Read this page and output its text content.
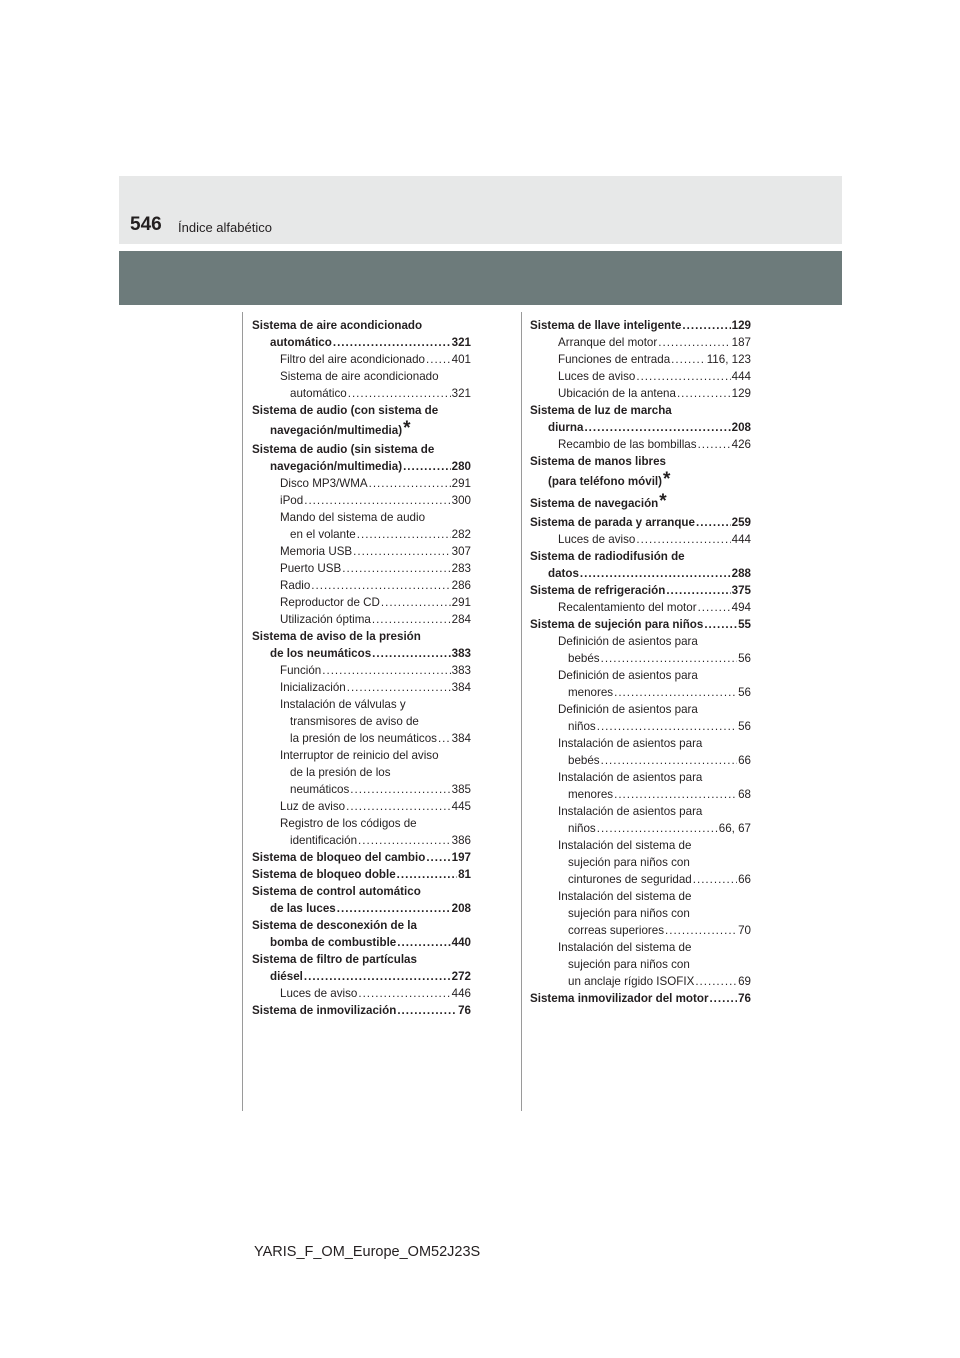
546 Índice alfabético
Sistema de aire acondicionado
automático .....	321
Filtro del aire acondicionado ..... 401
Sistema de aire acondicionado
automático .....	321
Sistema de audio (con sistema de
navegación/multimedia) *
Sistema de audio (sin sistema de
navegación/multimedia) .....	280
Disco MP3/WMA .....	291
iPod .....	300
Mando del sistema de audio
en el volante .....	282
Memoria USB .....	307
Puerto USB .....	283
Radio .....	286
Reproductor de CD .....	291
Utilización óptima .....	284
Sistema de aviso de la presión
de los neumáticos .....	383
Función .....	383
Inicialización .....	384
Instalación de válvulas y
transmisores de aviso de
la presión de los neumáticos ..... 384
Interruptor de reinicio del aviso
de la presión de los
neumáticos .....	385
Luz de aviso .....	445
Registro de los códigos de
identificación .....	386
Sistema de bloqueo del cambio ..... 197
Sistema de bloqueo doble .....	81
Sistema de control automático
de las luces .....	208
Sistema de desconexión de la
bomba de combustible .....	440
Sistema de filtro de partículas
diésel .....	272
Luces de aviso .....	446
Sistema de inmovilización .....	76
Sistema de llave inteligente .....	129
Arranque del motor .....	187
Funciones de entrada .....	116, 123
Luces de aviso .....	444
Ubicación de la antena .....	129
Sistema de luz de marcha
diurna .....	208
Recambio de las bombillas .....	426
Sistema de manos libres
(para teléfono móvil) *
Sistema de navegación *
Sistema de parada y arranque .....	259
Luces de aviso .....	444
Sistema de radiodifusión de
datos .....	288
Sistema de refrigeración .....	375
Recalentamiento del motor .....	494
Sistema de sujeción para niños .....	55
Definición de asientos para
bebés .....	56
Definición de asientos para
menores .....	56
Definición de asientos para
niños .....	56
Instalación de asientos para
bebés .....	66
Instalación de asientos para
menores .....	68
Instalación de asientos para
niños .....	66, 67
Instalación del sistema de
sujeción para niños con
cinturones de seguridad .....	66
Instalación del sistema de
sujeción para niños con
correas superiores .....	70
Instalación del sistema de
sujeción para niños con
un anclaje rígido ISOFIX .....	69
Sistema inmovilizador del motor .....	76
YARIS_F_OM_Europe_OM52J23S
